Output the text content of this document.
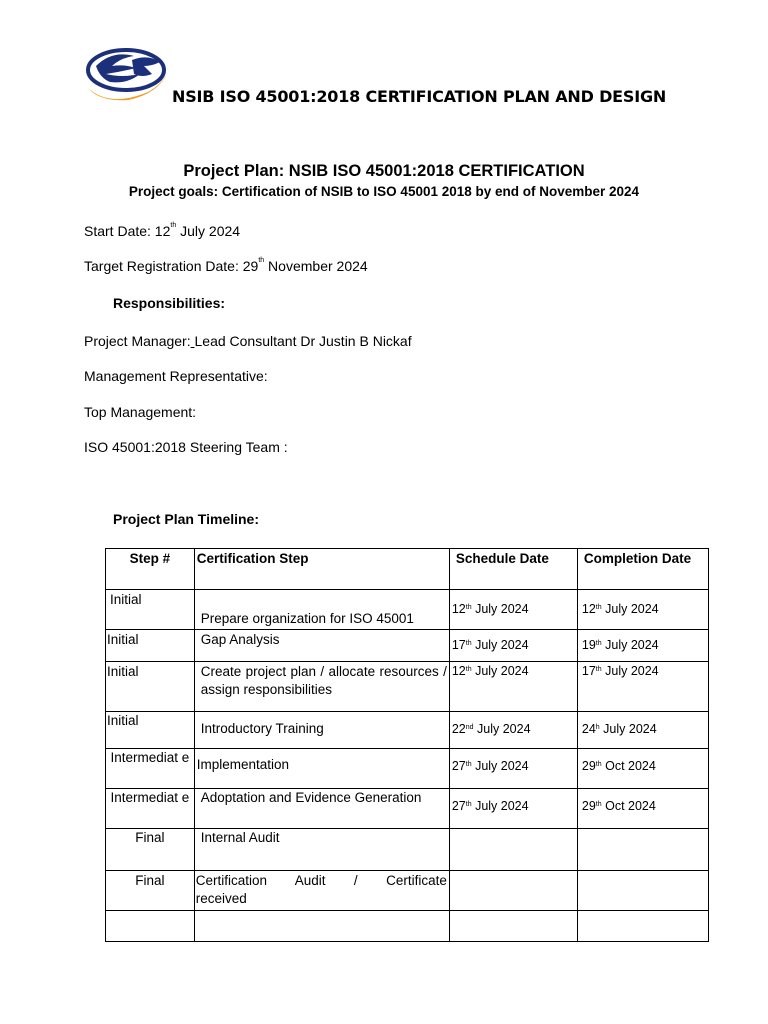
NSIB ISO 45001:2018 CERTIFICATION PLAN AND DESIGN
Project Plan: NSIB ISO 45001:2018 CERTIFICATION
Project goals: Certification of NSIB to ISO 45001 2018 by end of November 2024
Start Date: 12th July 2024
Target Registration Date: 29th November 2024
Responsibilities:
Project Manager: Lead Consultant Dr Justin B Nickaf
Management Representative:
Top Management:
ISO 45001:2018 Steering Team :
Project Plan Timeline:
Step #	Certification Step	Schedule Date	Completion Date
Initial	Prepare organization for ISO 45001	12th July 2024	12th July 2024
Initial	Gap Analysis	17th July 2024	19th July 2024
Initial	Create project plan / allocate resources / assign responsibilities	12th July 2024	17th July 2024
Initial	Introductory Training	22nd July 2024	24$^h$ July 2024
Intermediat e	Implementation	27th July 2024	29th Oct 2024
Intermediat e	Adoptation and Evidence Generation	27th July 2024	29th Oct 2024
Final	Internal Audit		
Final	Certification Audit / Certificate received		
